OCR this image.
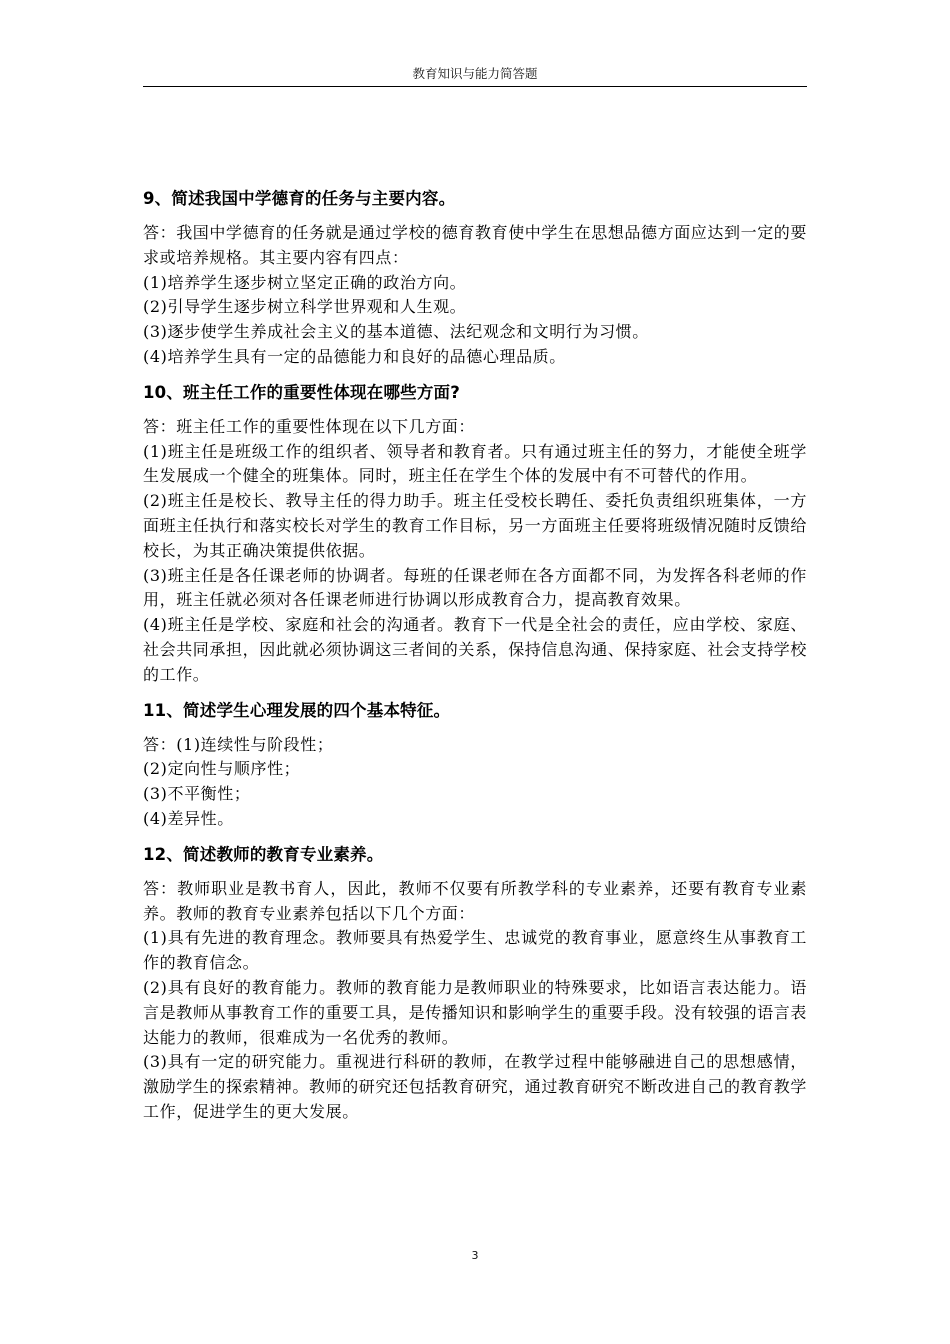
教育知识与能力简答题
9、简述我国中学德育的任务与主要内容。

答：我国中学德育的任务就是通过学校的德育教育使中学生在思想品德方面应达到一定的要求或培养规格。其主要内容有四点：

(1)培养学生逐步树立坚定正确的政治方向。

(2)引导学生逐步树立科学世界观和人生观。

(3)逐步使学生养成社会主义的基本道德、法纪观念和文明行为习惯。

(4)培养学生具有一定的品德能力和良好的品德心理品质。

10、班主任工作的重要性体现在哪些方面?

答：班主任工作的重要性体现在以下几方面：

(1)班主任是班级工作的组织者、领导者和教育者。只有通过班主任的努力，才能使全班学生发展成一个健全的班集体。同时，班主任在学生个体的发展中有不可替代的作用。

(2)班主任是校长、教导主任的得力助手。班主任受校长聘任、委托负责组织班集体，一方面班主任执行和落实校长对学生的教育工作目标，另一方面班主任要将班级情况随时反馈给校长，为其正确决策提供依据。

(3)班主任是各任课老师的协调者。每班的任课老师在各方面都不同，为发挥各科老师的作用，班主任就必须对各任课老师进行协调以形成教育合力，提高教育效果。

(4)班主任是学校、家庭和社会的沟通者。教育下一代是全社会的责任，应由学校、家庭、社会共同承担，因此就必须协调这三者间的关系，保持信息沟通、保持家庭、社会支持学校的工作。

11、简述学生心理发展的四个基本特征。

答：(1)连续性与阶段性；

(2)定向性与顺序性；

(3)不平衡性；

(4)差异性。

12、简述教师的教育专业素养。

答：教师职业是教书育人，因此，教师不仅要有所教学科的专业素养，还要有教育专业素养。教师的教育专业素养包括以下几个方面：

(1)具有先进的教育理念。教师要具有热爱学生、忠诚党的教育事业，愿意终生从事教育工作的教育信念。

(2)具有良好的教育能力。教师的教育能力是教师职业的特殊要求，比如语言表达能力。语言是教师从事教育工作的重要工具，是传播知识和影响学生的重要手段。没有较强的语言表达能力的教师，很难成为一名优秀的教师。

(3)具有一定的研究能力。重视进行科研的教师，在教学过程中能够融进自己的思想感情，激励学生的探索精神。教师的研究还包括教育研究，通过教育研究不断改进自己的教育教学工作，促进学生的更大发展。

3
